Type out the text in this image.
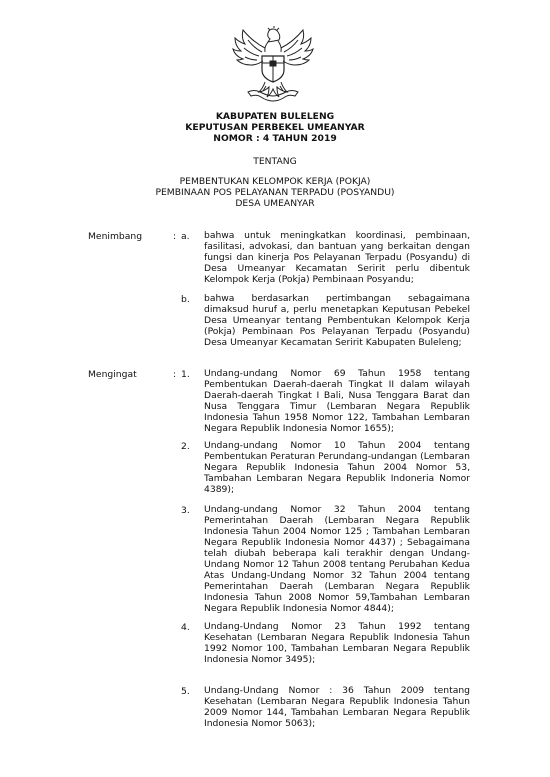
KABUPATEN BULELENG
KEPUTUSAN PERBEKEL UMEANYAR
NOMOR : 4 TAHUN 2019
TENTANG
PEMBENTUKAN KELOMPOK KERJA (POKJA)
PEMBINAAN POS PELAYANAN TERPADU (POSYANDU)
DESA UMEANYAR
Menimbang	: a. bahwa untuk meningkatkan koordinasi, pembinaan,
fasilitasi, advokasi, dan bantuan yang berkaitan dengan
fungsi dan kinerja Pos Pelayanan Terpadu (Posyandu) di
Desa Umeanyar Kecamatan Seririt perlu dibentuk
Kelompok Kerja (Pokja) Pembinaan Posyandu;
b. bahwa berdasarkan pertimbangan sebagaimana
dimaksud huruf a, perlu menetapkan Keputusan Pebekel
Desa Umeanyar tentang Pembentukan Kelompok Kerja
(Pokja) Pembinaan Pos Pelayanan Terpadu (Posyandu)
Desa Umeanyar Kecamatan Seririt Kabupaten Buleleng;
Mengingat	: 1. Undang-undang Nomor 69 Tahun 1958 tentang
Pembentukan Daerah-daerah Tingkat II dalam wilayah
Daerah-daerah Tingkat I Bali, Nusa Tenggara Barat dan
Nusa Tenggara Timur (Lembaran Negara Republik
Indonesia Tahun 1958 Nomor 122, Tambahan Lembaran
Negara Republik Indonesia Nomor 1655);
2. Undang-undang Nomor 10 Tahun 2004 tentang
Pembentukan Peraturan Perundang-undangan (Lembaran
Negara Republik Indonesia Tahun 2004 Nomor 53,
Tambahan Lembaran Negara Republik Indoneria Nomor
4389);
3. Undang-undang Nomor 32 Tahun 2004 tentang
Pemerintahan Daerah (Lembaran Negara Republik
Indonesia Tahun 2004 Nomor 125 ; Tambahan Lembaran
Negara Republik Indonesia Nomor 4437) ; Sebagaimana
telah diubah beberapa kali terakhir dengan Undang-
Undang Nomor 12 Tahun 2008 tentang Perubahan Kedua
Atas Undang-Undang Nomor 32 Tahun 2004 tentang
Pemerintahan Daerah (Lembaran Negara Republik
Indonesia Tahun 2008 Nomor 59,Tambahan Lembaran
Negara Republik Indonesia Nomor 4844);
4. Undang-Undang Nomor 23 Tahun 1992 tentang
Kesehatan (Lembaran Negara Republik Indonesia Tahun
1992 Nomor 100, Tambahan Lembaran Negara Republik
Indonesia Nomor 3495);
5. Undang-Undang Nomor : 36 Tahun 2009 tentang
Kesehatan (Lembaran Negara Republik Indonesia Tahun
2009 Nomor 144, Tambahan Lembaran Negara Republik
Indonesia Nomor 5063);
